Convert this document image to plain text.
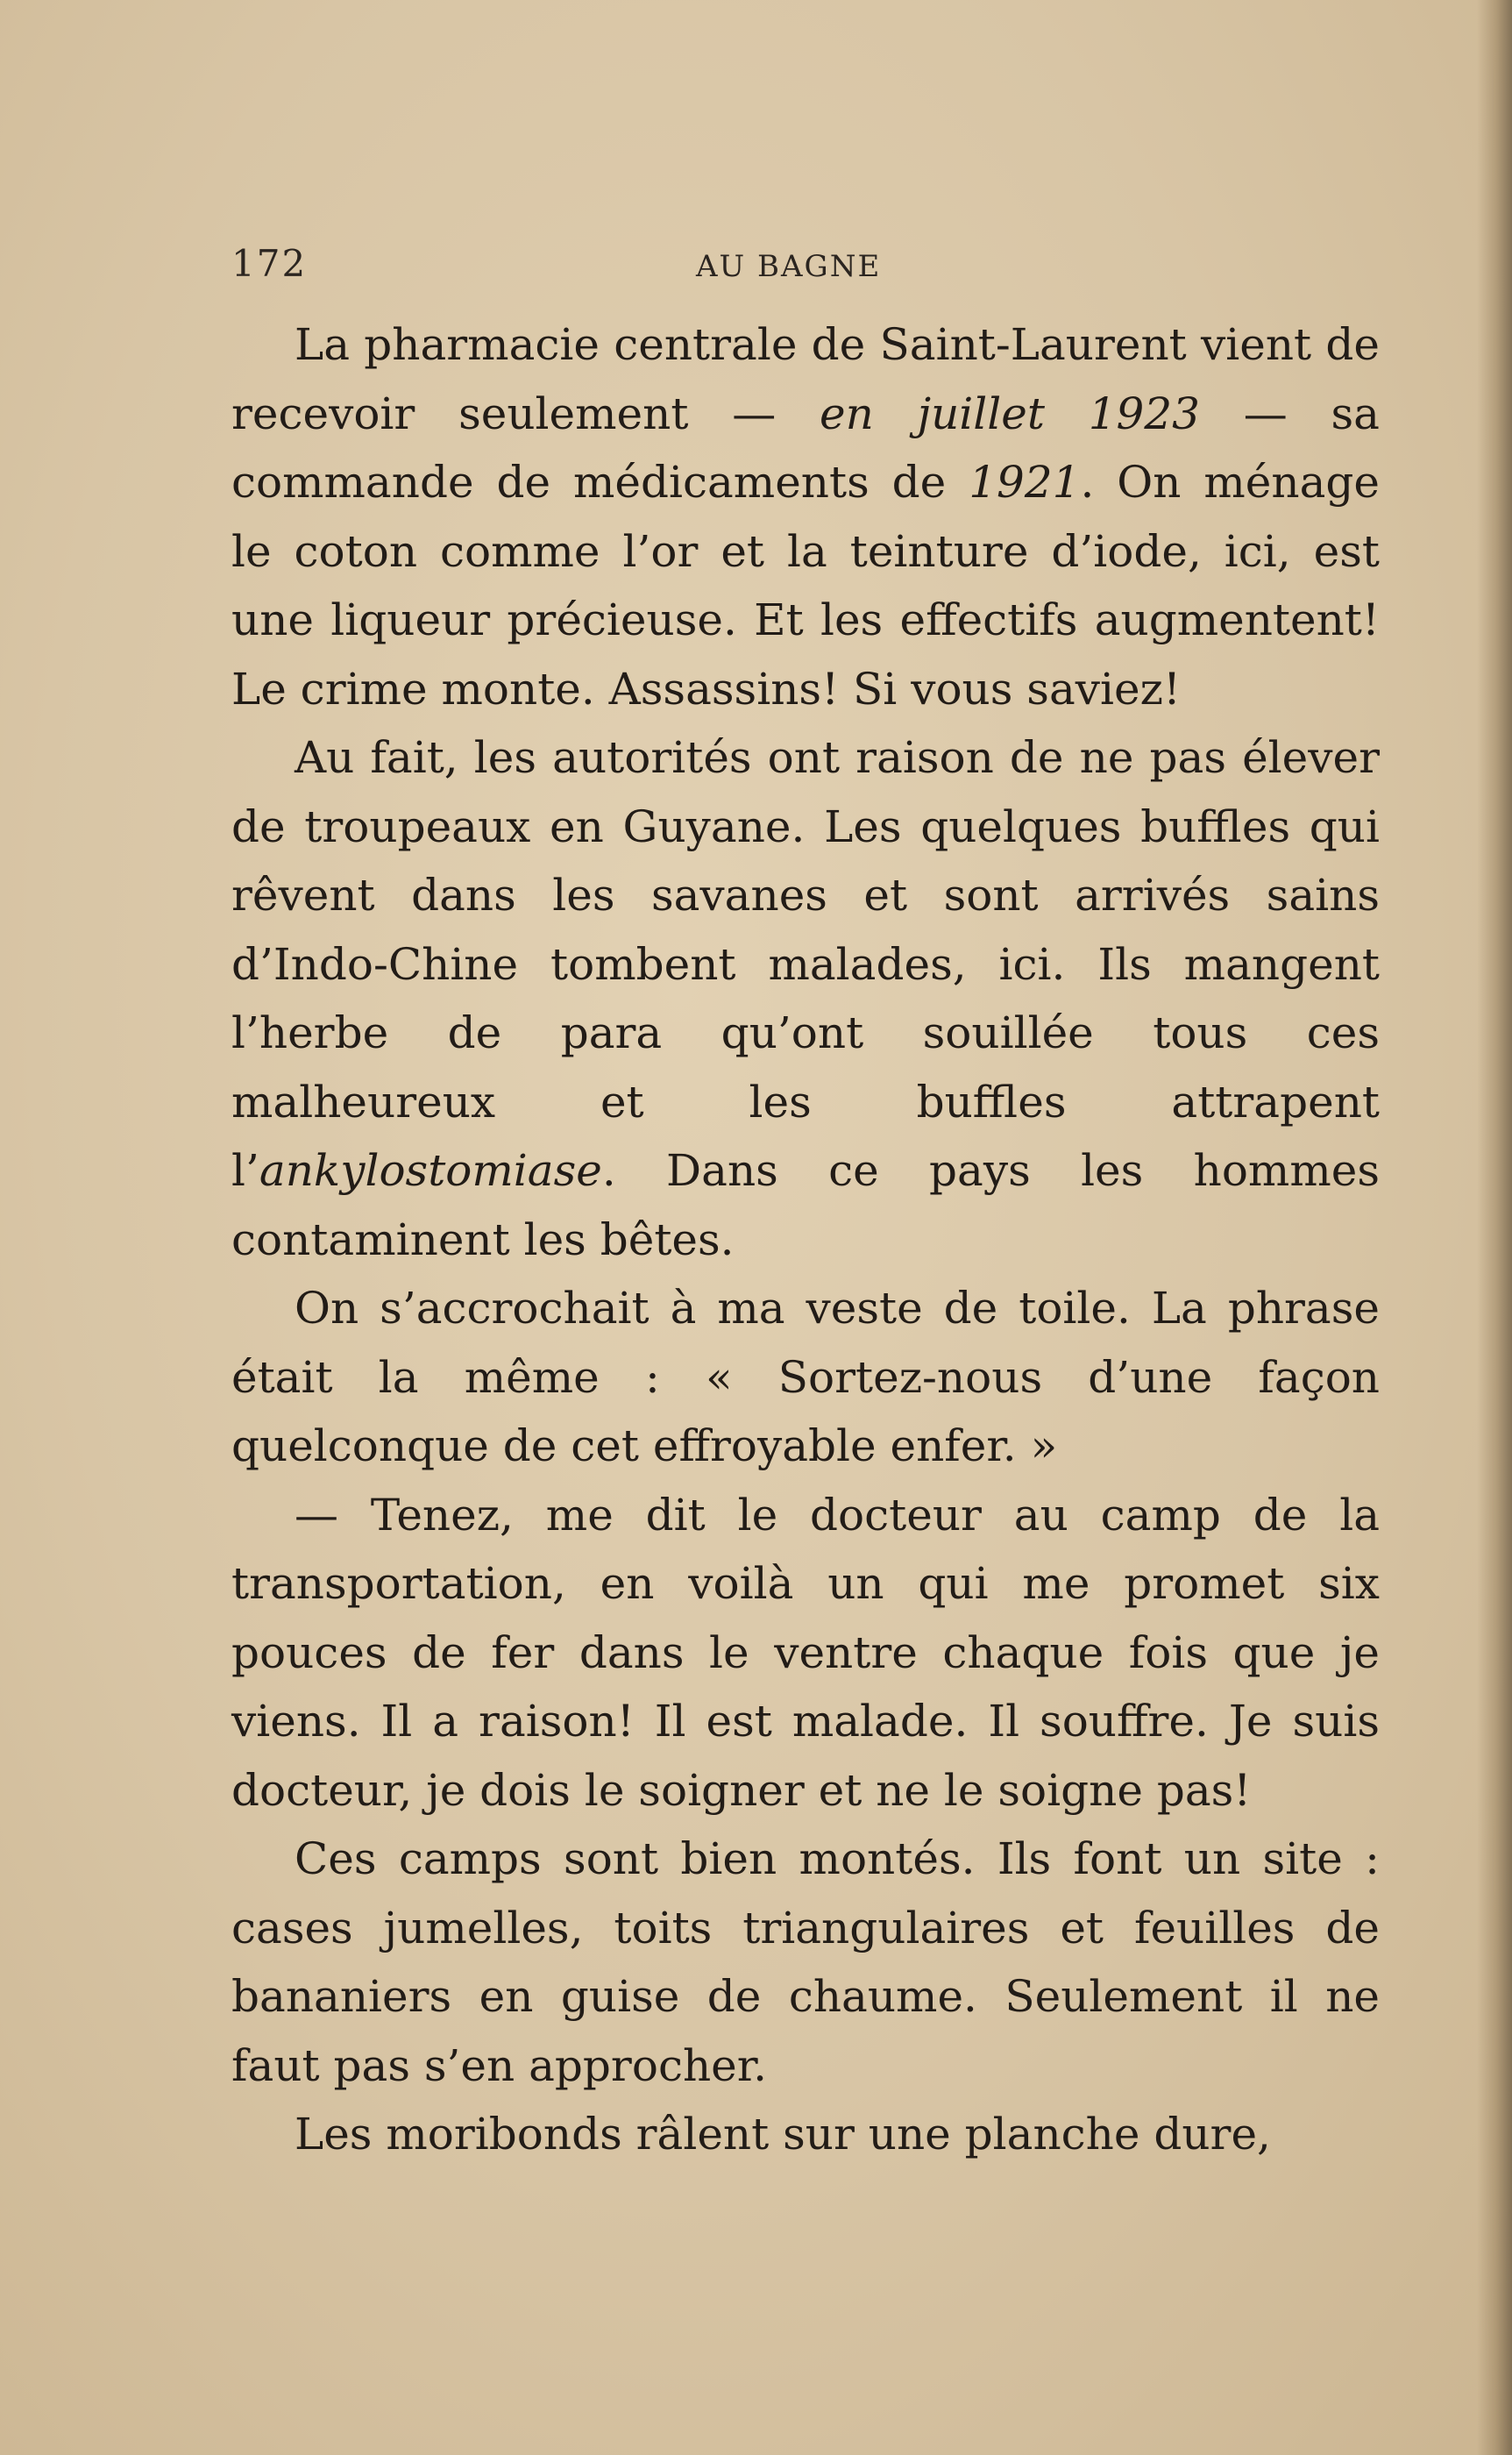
172	AU BAGNE

La pharmacie centrale de Saint-Laurent vient de recevoir seulement — en juillet 1923 — sa commande de médicaments de 1921. On ménage le coton comme l’or et la teinture d’iode, ici, est une liqueur précieuse. Et les effectifs augmentent! Le crime monte. Assassins! Si vous saviez!

Au fait, les autorités ont raison de ne pas élever de troupeaux en Guyane. Les quelques buffles qui rêvent dans les savanes et sont arrivés sains d’Indo-Chine tombent malades, ici. Ils mangent l’herbe de para qu’ont souillée tous ces malheureux et les buffles attrapent l’ankylostomiase. Dans ce pays les hommes contaminent les bêtes.

On s’accrochait à ma veste de toile. La phrase était la même : « Sortez-nous d’une façon quelconque de cet effroyable enfer. »

— Tenez, me dit le docteur au camp de la transportation, en voilà un qui me promet six pouces de fer dans le ventre chaque fois que je viens. Il a raison! Il est malade. Il souffre. Je suis docteur, je dois le soigner et ne le soigne pas!

Ces camps sont bien montés. Ils font un site : cases jumelles, toits triangulaires et feuilles de bananiers en guise de chaume. Seulement il ne faut pas s’en approcher.

Les moribonds râlent sur une planche dure,
